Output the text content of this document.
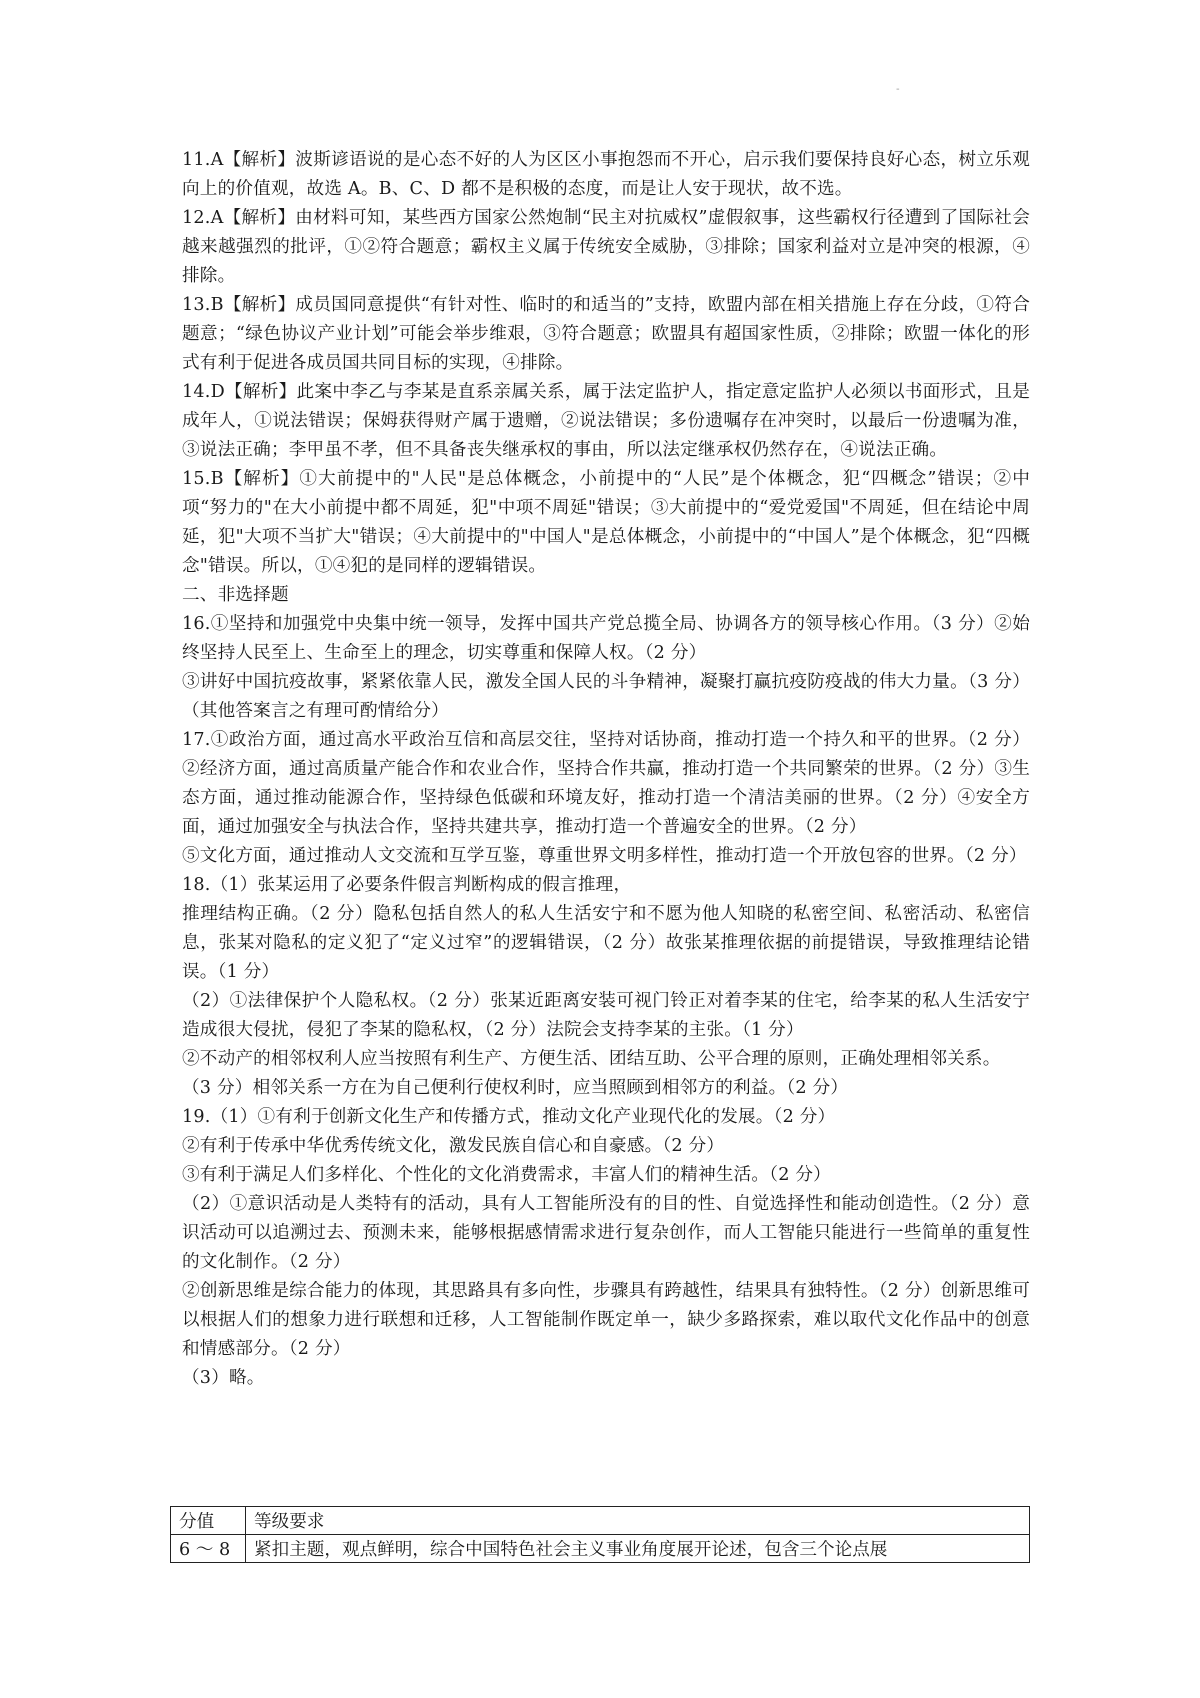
-

11.A【解析】波斯谚语说的是心态不好的人为区区小事抱怨而不开心，启示我们要保持良好心态，树立乐观向上的价值观，故选 A。B、C、D 都不是积极的态度，而是让人安于现状，故不选。

12.A【解析】由材料可知，某些西方国家公然炮制“民主对抗威权”虚假叙事，这些霸权行径遭到了国际社会越来越强烈的批评，①②符合题意；霸权主义属于传统安全威胁，③排除；国家利益对立是冲突的根源，④排除。

13.B【解析】成员国同意提供“有针对性、临时的和适当的”支持，欧盟内部在相关措施上存在分歧，①符合题意；“绿色协议产业计划”可能会举步维艰，③符合题意；欧盟具有超国家性质，②排除；欧盟一体化的形式有利于促进各成员国共同目标的实现，④排除。

14.D【解析】此案中李乙与李某是直系亲属关系，属于法定监护人，指定意定监护人必须以书面形式，且是成年人，①说法错误；保姆获得财产属于遗赠，②说法错误；多份遗嘱存在冲突时，以最后一份遗嘱为准，③说法正确；李甲虽不孝，但不具备丧失继承权的事由，所以法定继承权仍然存在，④说法正确。

15.B【解析】①大前提中的"人民"是总体概念，小前提中的“人民”是个体概念，犯“四概念”错误；②中项“努力的"在大小前提中都不周延，犯"中项不周延"错误；③大前提中的“爱党爱国"不周延，但在结论中周延，犯"大项不当扩大"错误；④大前提中的"中国人"是总体概念，小前提中的“中国人”是个体概念，犯“四概念"错误。所以，①④犯的是同样的逻辑错误。

二、非选择题

16.①坚持和加强党中央集中统一领导，发挥中国共产党总揽全局、协调各方的领导核心作用。（3 分）②始终坚持人民至上、生命至上的理念，切实尊重和保障人权。（2 分）

③讲好中国抗疫故事，紧紧依靠人民，激发全国人民的斗争精神，凝聚打赢抗疫防疫战的伟大力量。（3 分）（其他答案言之有理可酌情给分）

17.①政治方面，通过高水平政治互信和高层交往，坚持对话协商，推动打造一个持久和平的世界。（2 分）②经济方面，通过高质量产能合作和农业合作，坚持合作共赢，推动打造一个共同繁荣的世界。（2 分）③生态方面，通过推动能源合作，坚持绿色低碳和环境友好，推动打造一个清洁美丽的世界。（2 分）④安全方面，通过加强安全与执法合作，坚持共建共享，推动打造一个普遍安全的世界。（2 分）

⑤文化方面，通过推动人文交流和互学互鉴，尊重世界文明多样性，推动打造一个开放包容的世界。（2 分）

18.（1）张某运用了必要条件假言判断构成的假言推理，

推理结构正确。（2 分）隐私包括自然人的私人生活安宁和不愿为他人知晓的私密空间、私密活动、私密信息，张某对隐私的定义犯了“定义过窄”的逻辑错误，（2 分）故张某推理依据的前提错误，导致推理结论错误。（1 分）

（2）①法律保护个人隐私权。（2 分）张某近距离安装可视门铃正对着李某的住宅，给李某的私人生活安宁造成很大侵扰，侵犯了李某的隐私权，（2 分）法院会支持李某的主张。（1 分）

②不动产的相邻权利人应当按照有利生产、方便生活、团结互助、公平合理的原则，正确处理相邻关系。

（3 分）相邻关系一方在为自己便利行使权利时，应当照顾到相邻方的利益。（2 分）

19.（1）①有利于创新文化生产和传播方式，推动文化产业现代化的发展。（2 分）

②有利于传承中华优秀传统文化，激发民族自信心和自豪感。（2 分）

③有利于满足人们多样化、个性化的文化消费需求，丰富人们的精神生活。（2 分）

（2）①意识活动是人类特有的活动，具有人工智能所没有的目的性、自觉选择性和能动创造性。（2 分）意识活动可以追溯过去、预测未来，能够根据感情需求进行复杂创作，而人工智能只能进行一些简单的重复性的文化制作。（2 分）

②创新思维是综合能力的体现，其思路具有多向性，步骤具有跨越性，结果具有独特性。（2 分）创新思维可以根据人们的想象力进行联想和迁移，人工智能制作既定单一，缺少多路探索，难以取代文化作品中的创意和情感部分。（2 分）

（3）略。

分值	等级要求
6 ～ 8	紧扣主题，观点鲜明，综合中国特色社会主义事业角度展开论述，包含三个论点展
